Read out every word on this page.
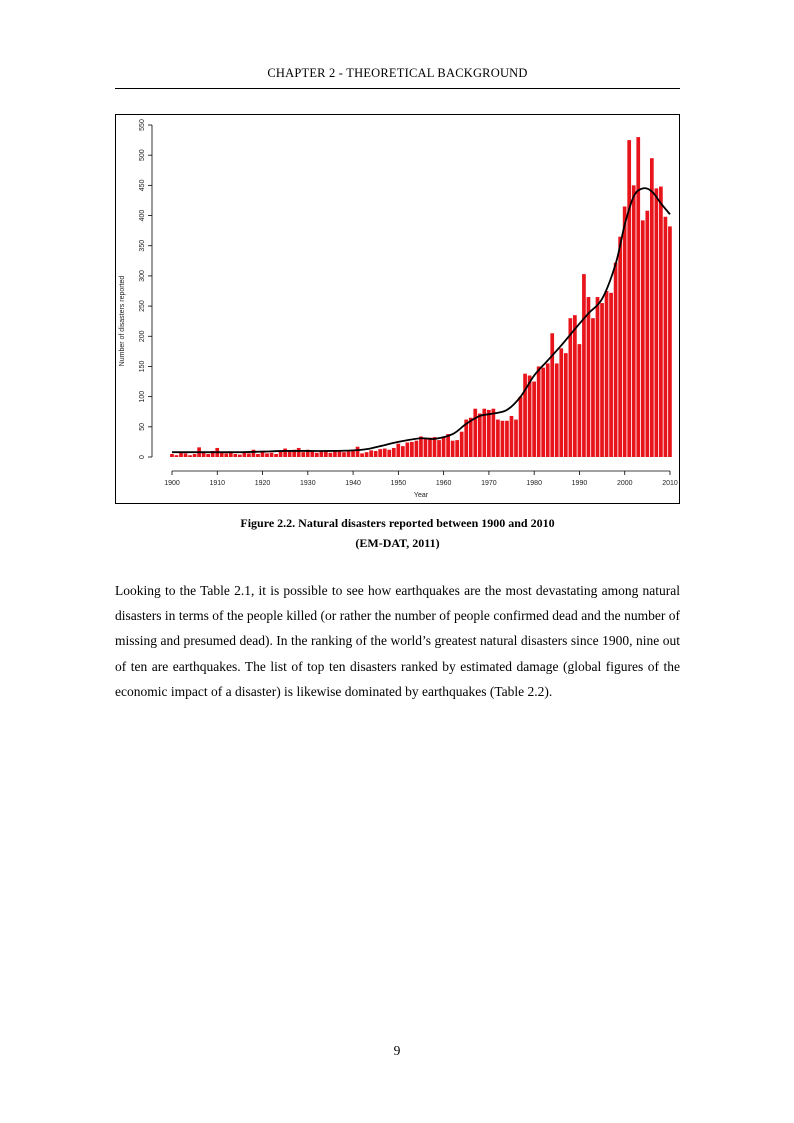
CHAPTER 2 - THEORETICAL BACKGROUND
0
50
100
150
200
250
300
350
400
450
500
550
Number of disasters reported
1900	1910	1920	1930	1940	1950	1960	1970	1980	1990	2000	2010
Year
Figure 2.2. Natural disasters reported between 1900 and 2010
(EM-DAT, 2011)
Looking to the Table 2.1, it is possible to see how earthquakes are the most devastating among natural disasters in terms of the people killed (or rather the number of people confirmed dead and the number of missing and presumed dead). In the ranking of the world’s greatest natural disasters since 1900, nine out of ten are earthquakes. The list of top ten disasters ranked by estimated damage (global figures of the economic impact of a disaster) is likewise dominated by earthquakes (Table 2.2).
9
